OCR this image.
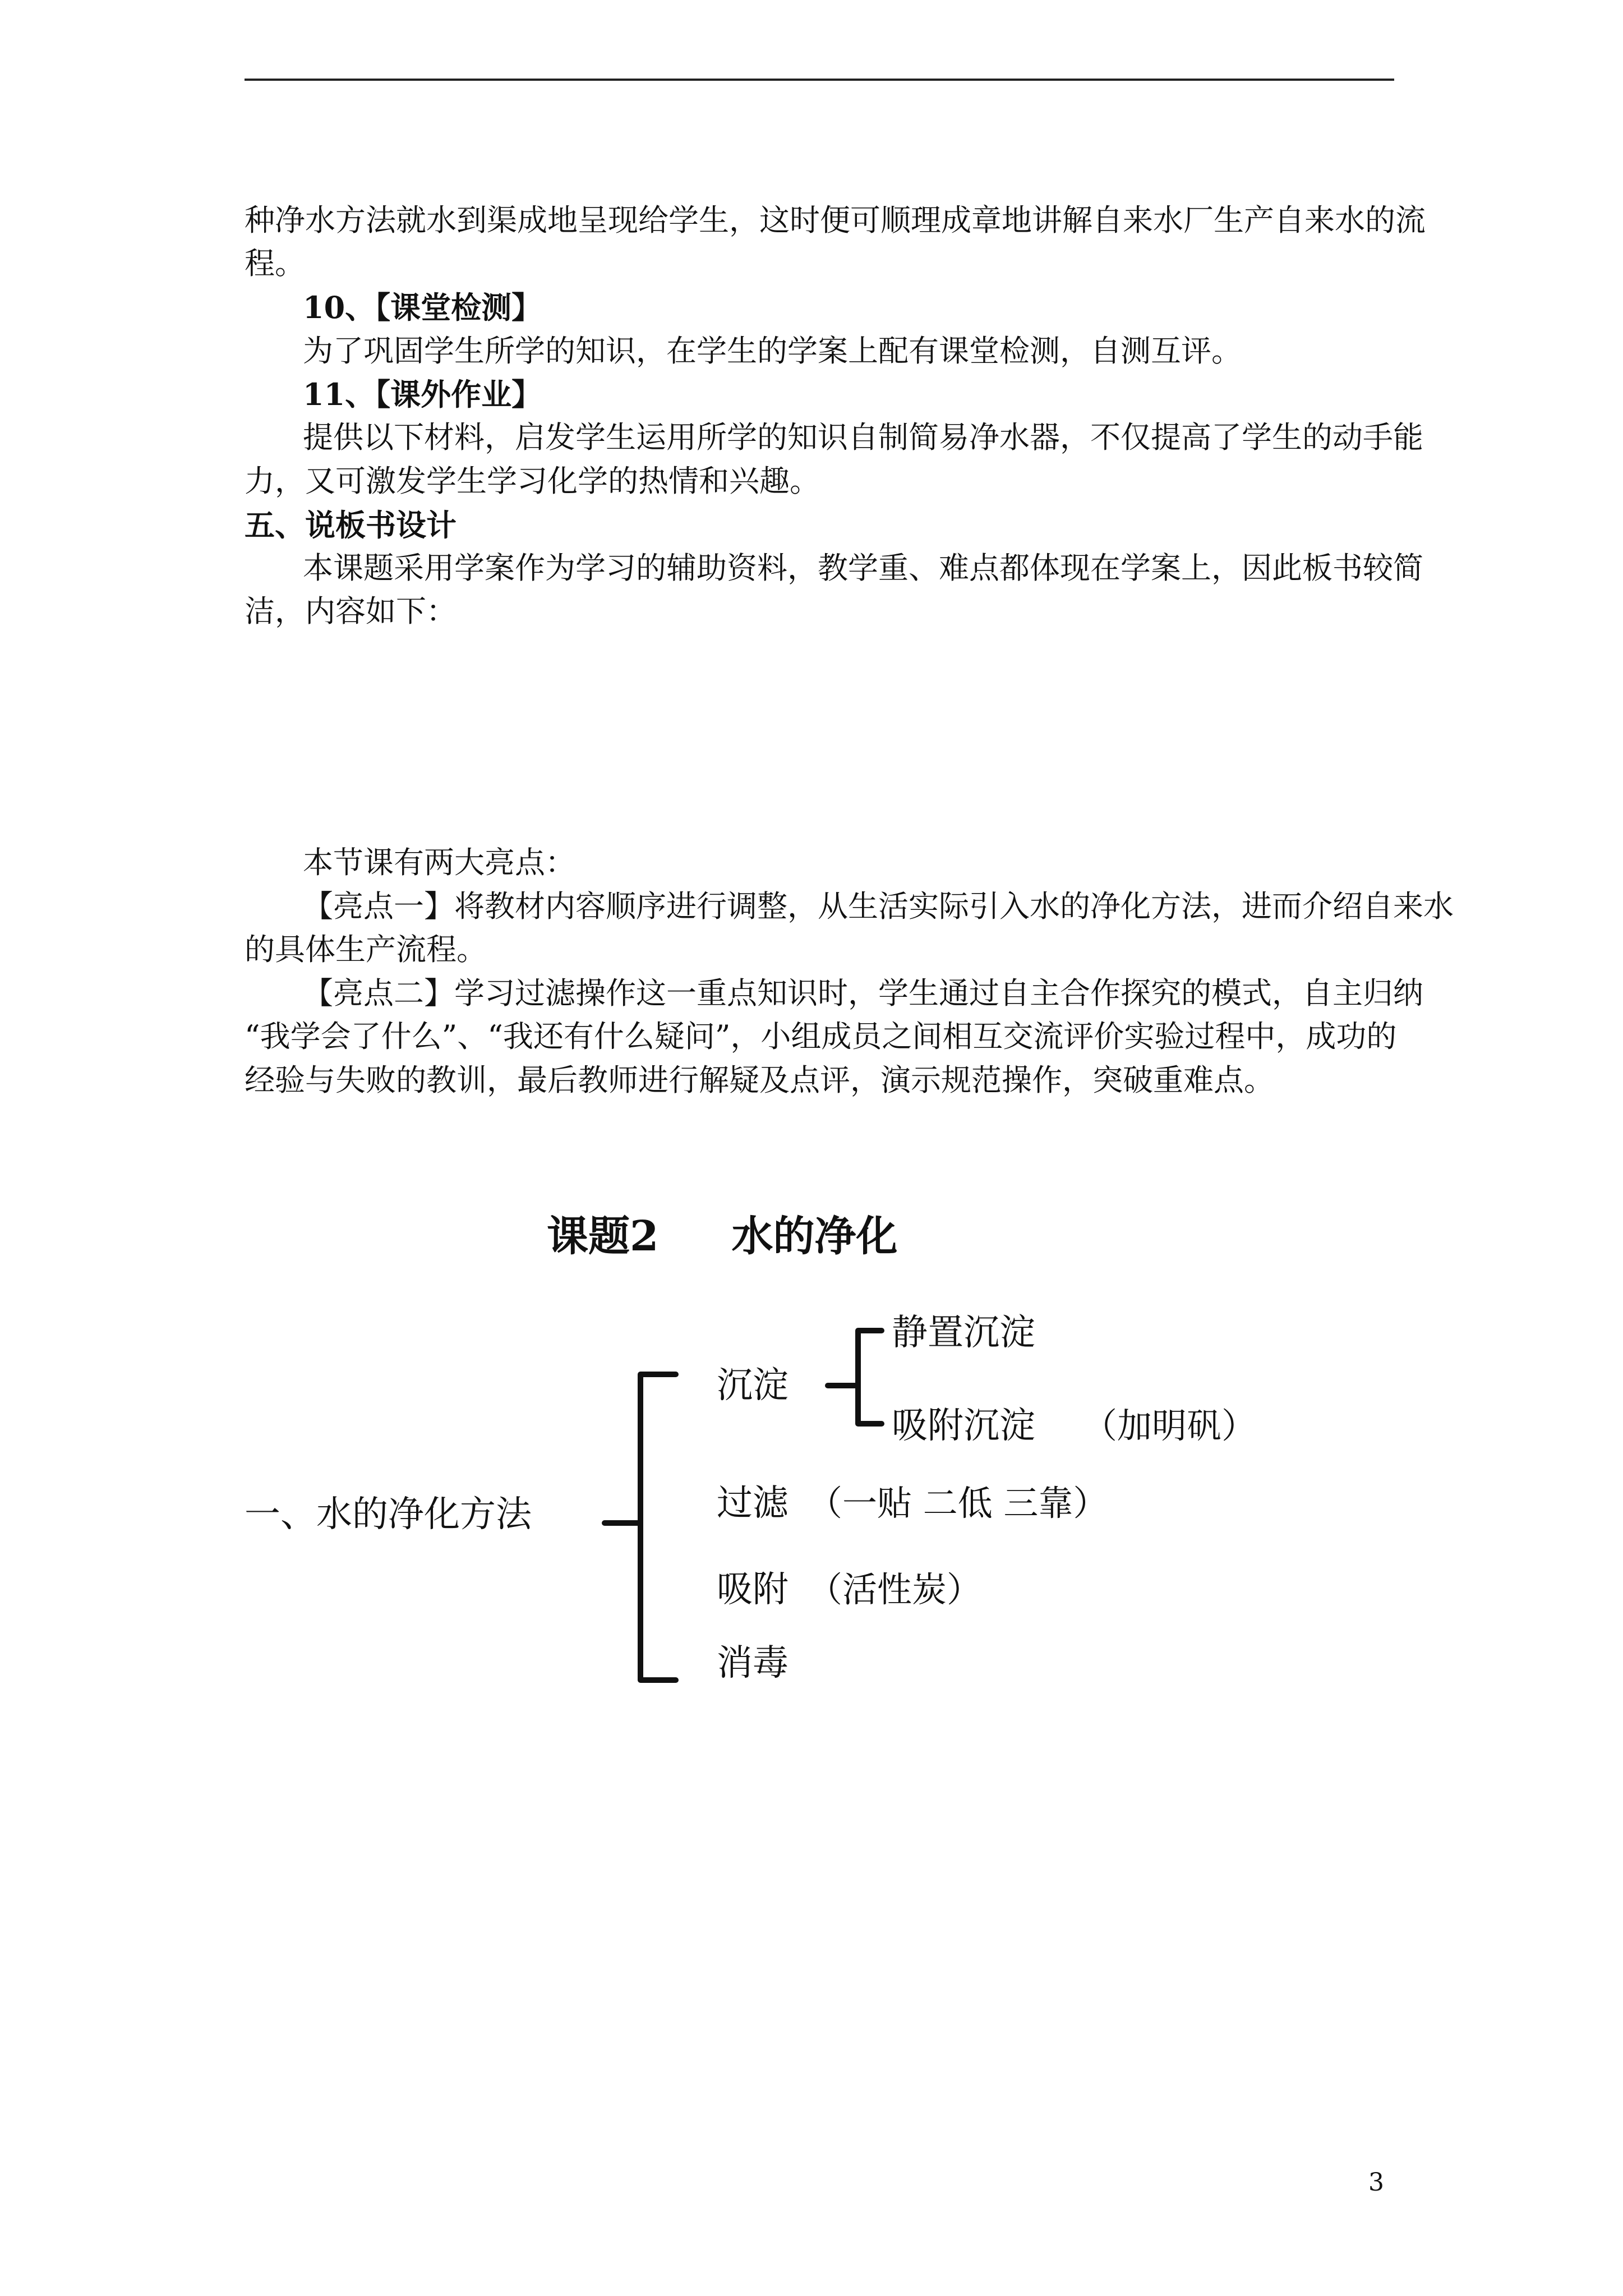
种净水方法就水到渠成地呈现给学生，这时便可顺理成章地讲解自来水厂生产自来水的流
程。
10、【课堂检测】
为了巩固学生所学的知识，在学生的学案上配有课堂检测，自测互评。
11、【课外作业】
提供以下材料，启发学生运用所学的知识自制简易净水器，不仅提高了学生的动手能
力，又可激发学生学习化学的热情和兴趣。
五、说板书设计
本课题采用学案作为学习的辅助资料，教学重、难点都体现在学案上，因此板书较简
洁，内容如下：
本节课有两大亮点：
【亮点一】将教材内容顺序进行调整，从生活实际引入水的净化方法，进而介绍自来水
的具体生产流程。
【亮点二】学习过滤操作这一重点知识时，学生通过自主合作探究的模式，自主归纳
“我学会了什么”、“我还有什么疑问”，小组成员之间相互交流评价实验过程中，成功的
经验与失败的教训，最后教师进行解疑及点评，演示规范操作，突破重难点。
课题2 水的净化
一、水的净化方法
沉淀
静置沉淀
吸附沉淀 （加明矾）
过滤 （一贴 二低 三靠）
吸附 （活性炭）
消毒
3
